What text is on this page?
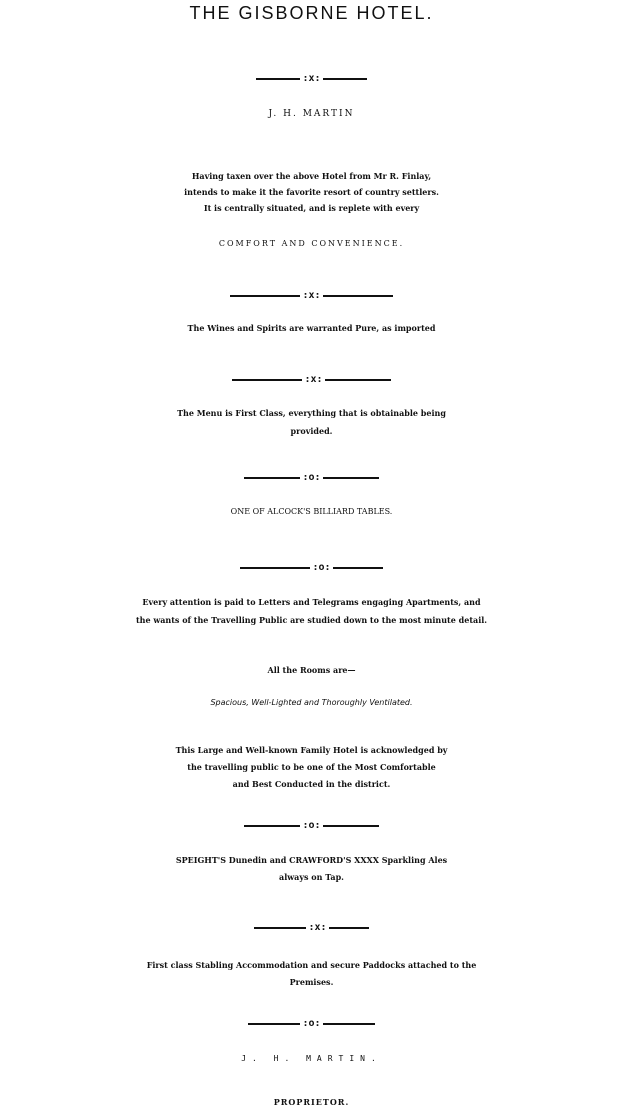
THE GISBORNE HOTEL.
:x:
J. H. MARTIN
Having taxen over the above Hotel from Mr R. Finlay,
intends to make it the favorite resort of country settlers.
It is centrally situated, and is replete with every
COMFORT AND CONVENIENCE.
:x:
The Wines and Spirits are warranted Pure, as imported
:x:
The Menu is First Class, everything that is obtainable being
provided.
:o:
ONE OF ALCOCK'S BILLIARD TABLES.
:o:
Every attention is paid to Letters and Telegrams engaging Apartments, and
the wants of the Travelling Public are studied down to the most minute detail.
All the Rooms are—
Spacious, Well-Lighted and Thoroughly Ventilated.
This Large and Well-known Family Hotel is acknowledged by
the travelling public to be one of the Most Comfortable
and Best Conducted in the district.
:o:
SPEIGHT'S Dunedin and CRAWFORD'S XXXX Sparkling Ales
always on Tap.
:x:
First class Stabling Accommodation and secure Paddocks attached to the
Premises.
:o:
J. H. MARTIN.
PROPRIETOR.
